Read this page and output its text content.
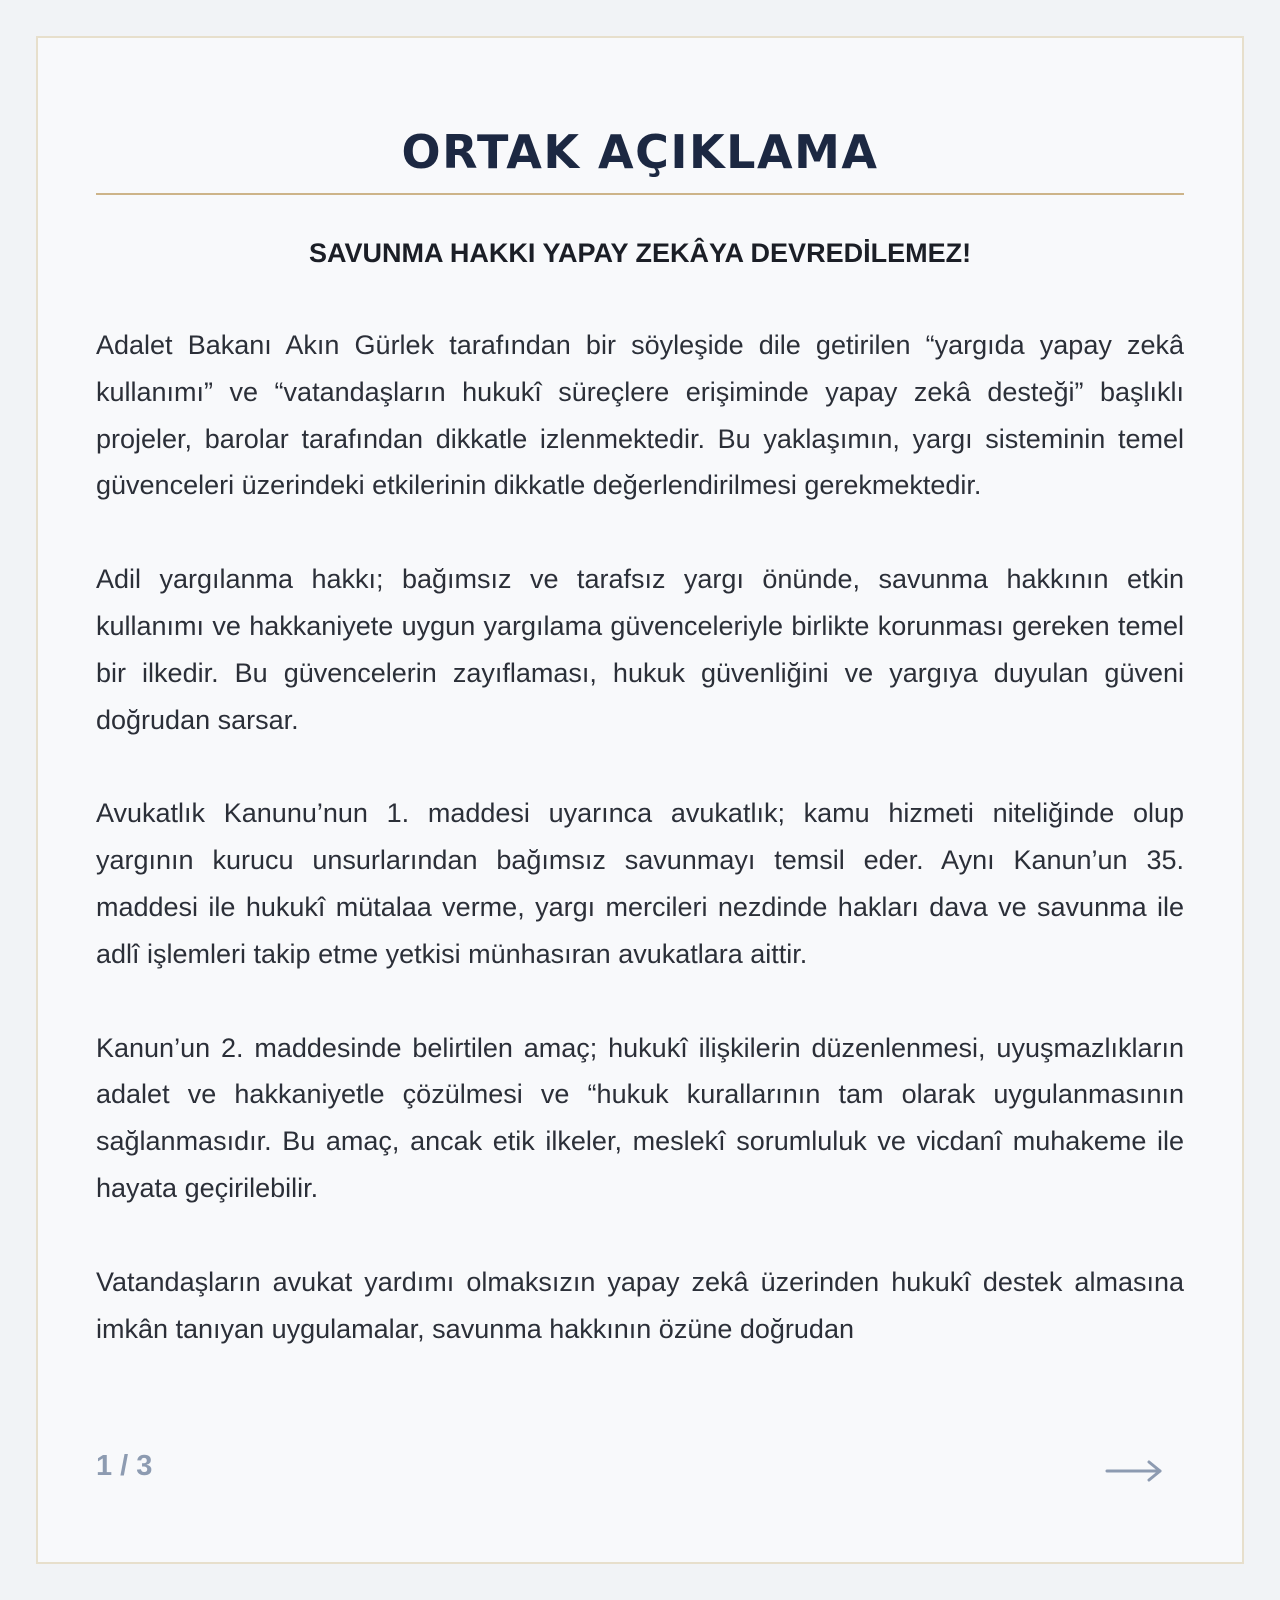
ORTAK AÇIKLAMA
SAVUNMA HAKKI YAPAY ZEKÂYA DEVREDİLEMEZ!

Adalet Bakanı Akın Gürlek tarafından bir söyleşide dile getirilen “yargıda yapay zekâ kullanımı” ve “vatandaşların hukukî süreçlere erişiminde yapay zekâ desteği” başlıklı projeler, barolar tarafından dikkatle izlenmektedir. Bu yaklaşımın, yargı sisteminin temel güvenceleri üzerindeki etkilerinin dikkatle değerlendirilmesi gerekmektedir.

Adil yargılanma hakkı; bağımsız ve tarafsız yargı önünde, savunma hakkının etkin kullanımı ve hakkaniyete uygun yargılama güvenceleriyle birlikte korunması gereken temel bir ilkedir. Bu güvencelerin zayıflaması, hukuk güvenliğini ve yargıya duyulan güveni doğrudan sarsar.

Avukatlık Kanunu’nun 1. maddesi uyarınca avukatlık; kamu hizmeti niteliğinde olup yargının kurucu unsurlarından bağımsız savunmayı temsil eder. Aynı Kanun’un 35. maddesi ile hukukî mütalaa verme, yargı mercileri nezdinde hakları dava ve savunma ile adlî işlemleri takip etme yetkisi münhasıran avukatlara aittir.

Kanun’un 2. maddesinde belirtilen amaç; hukukî ilişkilerin düzenlenmesi, uyuşmazlıkların adalet ve hakkaniyetle çözülmesi ve “hukuk kurallarının tam olarak uygulanmasının sağlanmasıdır. Bu amaç, ancak etik ilkeler, meslekî sorumluluk ve vicdanî muhakeme ile hayata geçirilebilir.

Vatandaşların avukat yardımı olmaksızın yapay zekâ üzerinden hukukî destek almasına imkân tanıyan uygulamalar, savunma hakkının özüne doğrudan

1 / 3
